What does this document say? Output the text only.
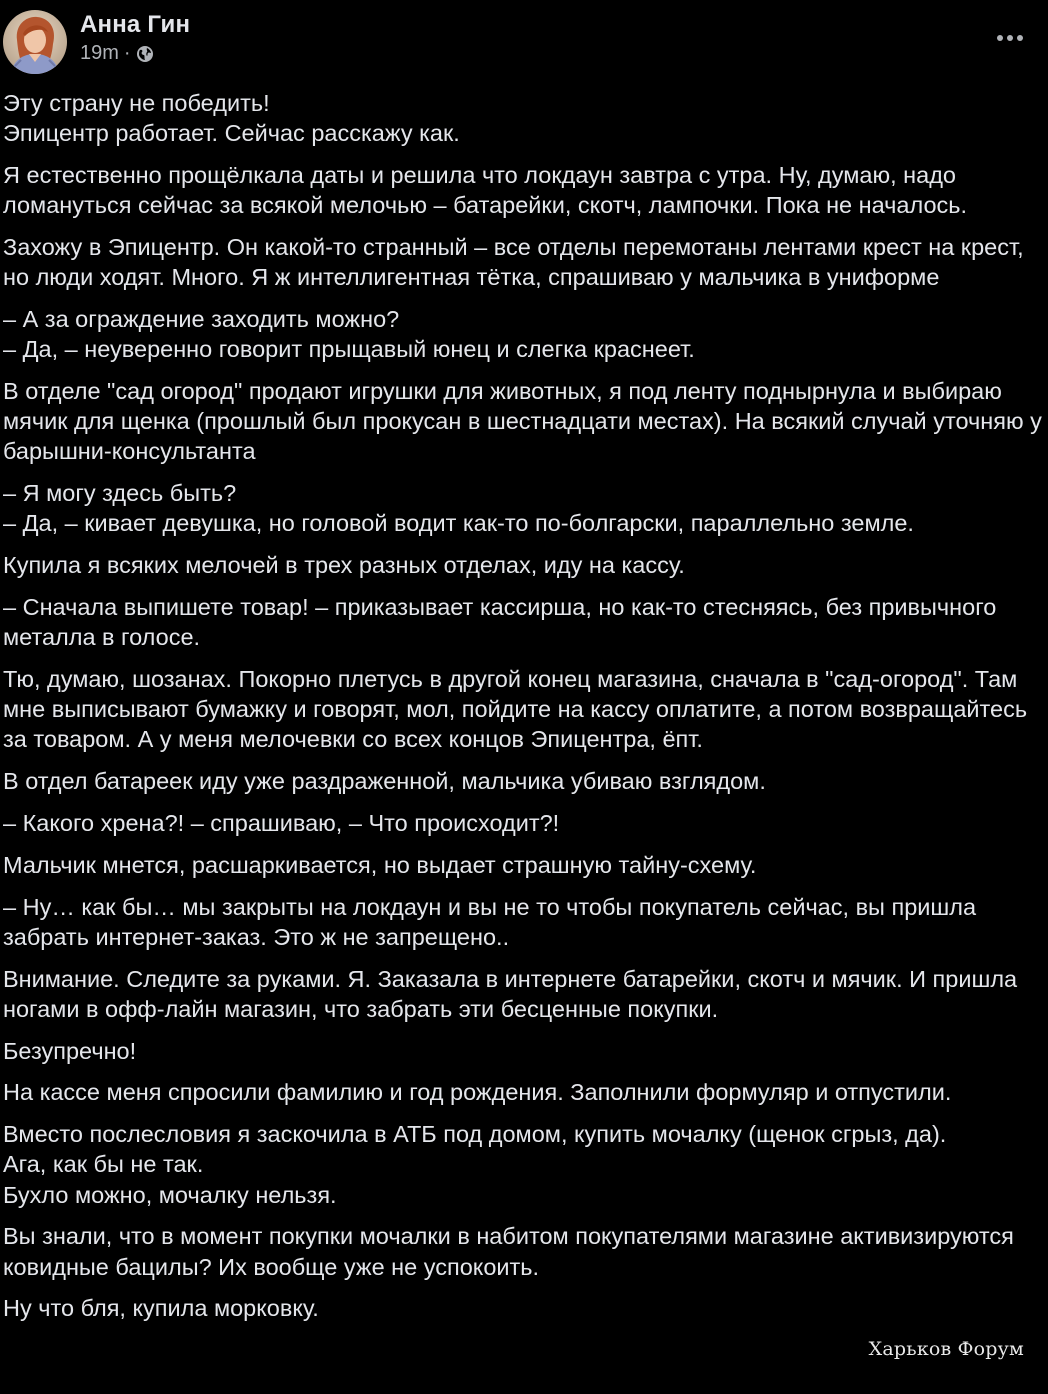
Анна Гин
19m ·

Эту страну не победить!
Эпицентр работает. Сейчас расскажу как.

Я естественно прощёлкала даты и решила что локдаун завтра с утра. Ну, думаю, надо ломануться сейчас за всякой мелочью – батарейки, скотч, лампочки. Пока не началось.

Захожу в Эпицентр. Он какой-то странный – все отделы перемотаны лентами крест на крест, но люди ходят. Много. Я ж интеллигентная тётка, спрашиваю у мальчика в униформе

– А за ограждение заходить можно?
– Да, – неуверенно говорит прыщавый юнец и слегка краснеет.

В отделе "сад огород" продают игрушки для животных, я под ленту поднырнула и выбираю мячик для щенка (прошлый был прокусан в шестнадцати местах). На всякий случай уточняю у барышни-консультанта

– Я могу здесь быть?
– Да, – кивает девушка, но головой водит как-то по-болгарски, параллельно земле.

Купила я всяких мелочей в трех разных отделах, иду на кассу.

– Сначала выпишете товар! – приказывает кассирша, но как-то стесняясь, без привычного металла в голосе.

Тю, думаю, шозанах. Покорно плетусь в другой конец магазина, сначала в "сад-огород". Там мне выписывают бумажку и говорят, мол, пойдите на кассу оплатите, а потом возвращайтесь за товаром. А у меня мелочевки со всех концов Эпицентра, ёпт.

В отдел батареек иду уже раздраженной, мальчика убиваю взглядом.

– Какого хрена?! – спрашиваю, – Что происходит?!

Мальчик мнется, расшаркивается, но выдает страшную тайну-схему.

– Ну… как бы… мы закрыты на локдаун и вы не то чтобы покупатель сейчас, вы пришла забрать интернет-заказ. Это ж не запрещено..

Внимание. Следите за руками. Я. Заказала в интернете батарейки, скотч и мячик. И пришла ногами в офф-лайн магазин, что забрать эти бесценные покупки.

Безупречно!

На кассе меня спросили фамилию и год рождения. Заполнили формуляр и отпустили.

Вместо послесловия я заскочила в АТБ под домом, купить мочалку (щенок сгрыз, да).
Ага, как бы не так.
Бухло можно, мочалку нельзя.

Вы знали, что в момент покупки мочалки в набитом покупателями магазине активизируются ковидные бацилы? Их вообще уже не успокоить.

Ну что бля, купила морковку.

Харьков Форум
